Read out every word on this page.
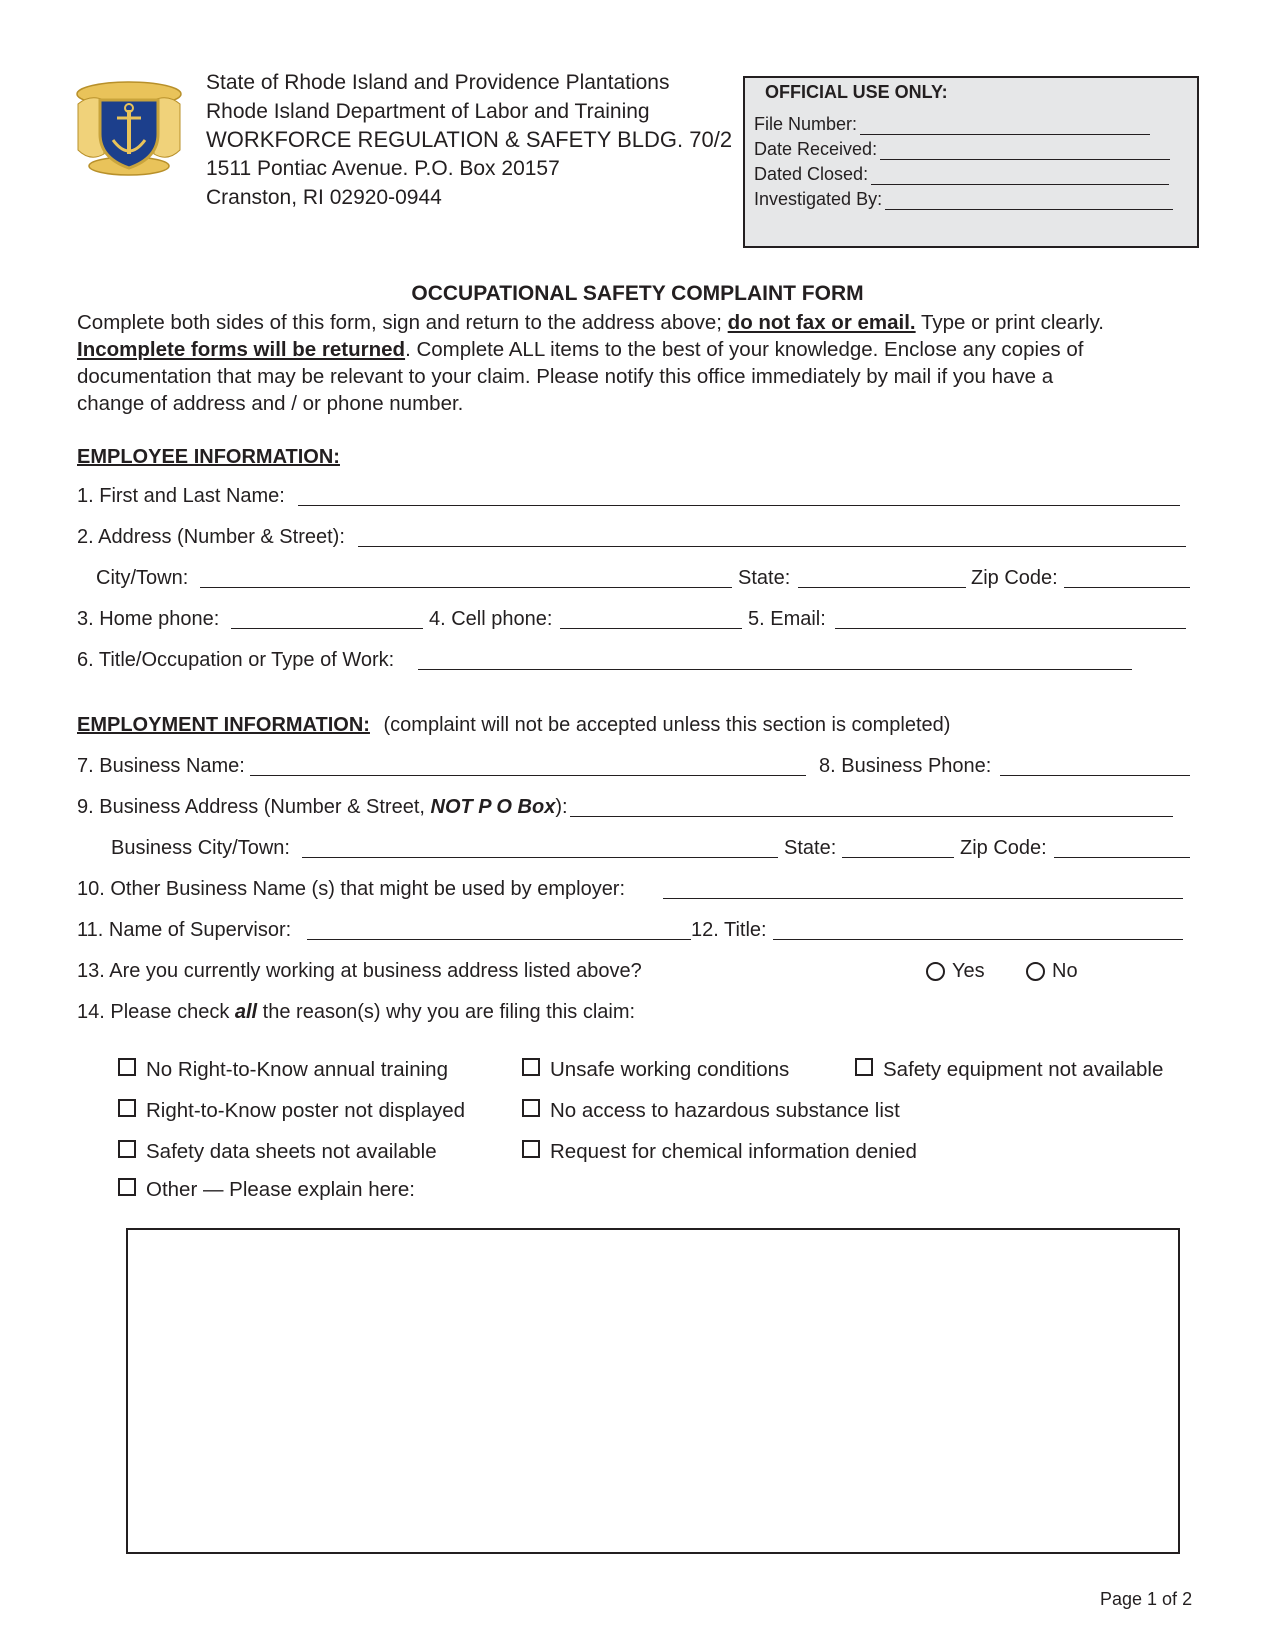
State of Rhode Island and Providence Plantations
Rhode Island Department of Labor and Training
WORKFORCE REGULATION & SAFETY BLDG. 70/2
1511 Pontiac Avenue. P.O. Box 20157
Cranston, RI 02920-0944
OFFICIAL USE ONLY:
File Number:
Date Received:
Dated Closed:
Investigated By:
OCCUPATIONAL SAFETY COMPLAINT FORM
Complete both sides of this form, sign and return to the address above; do not fax or email. Type or print clearly.
Incomplete forms will be returned. Complete ALL items to the best of your knowledge. Enclose any copies of
documentation that may be relevant to your claim. Please notify this office immediately by mail if you have a
change of address and / or phone number.
EMPLOYEE INFORMATION:
1. First and Last Name:
2. Address (Number & Street):
City/Town:	State:	Zip Code:
3. Home phone:	4. Cell phone:	5. Email:
6. Title/Occupation or Type of Work:
EMPLOYMENT INFORMATION: (complaint will not be accepted unless this section is completed)
7. Business Name:	8. Business Phone:
9. Business Address (Number & Street, NOT P O Box):
Business City/Town:	State:	Zip Code:
10. Other Business Name (s) that might be used by employer:
11. Name of Supervisor:	12. Title:
13. Are you currently working at business address listed above?	Yes	No
14. Please check all the reason(s) why you are filing this claim:
No Right-to-Know annual training	Unsafe working conditions	Safety equipment not available
Right-to-Know poster not displayed	No access to hazardous substance list
Safety data sheets not available	Request for chemical information denied
Other — Please explain here:
Page 1 of 2
